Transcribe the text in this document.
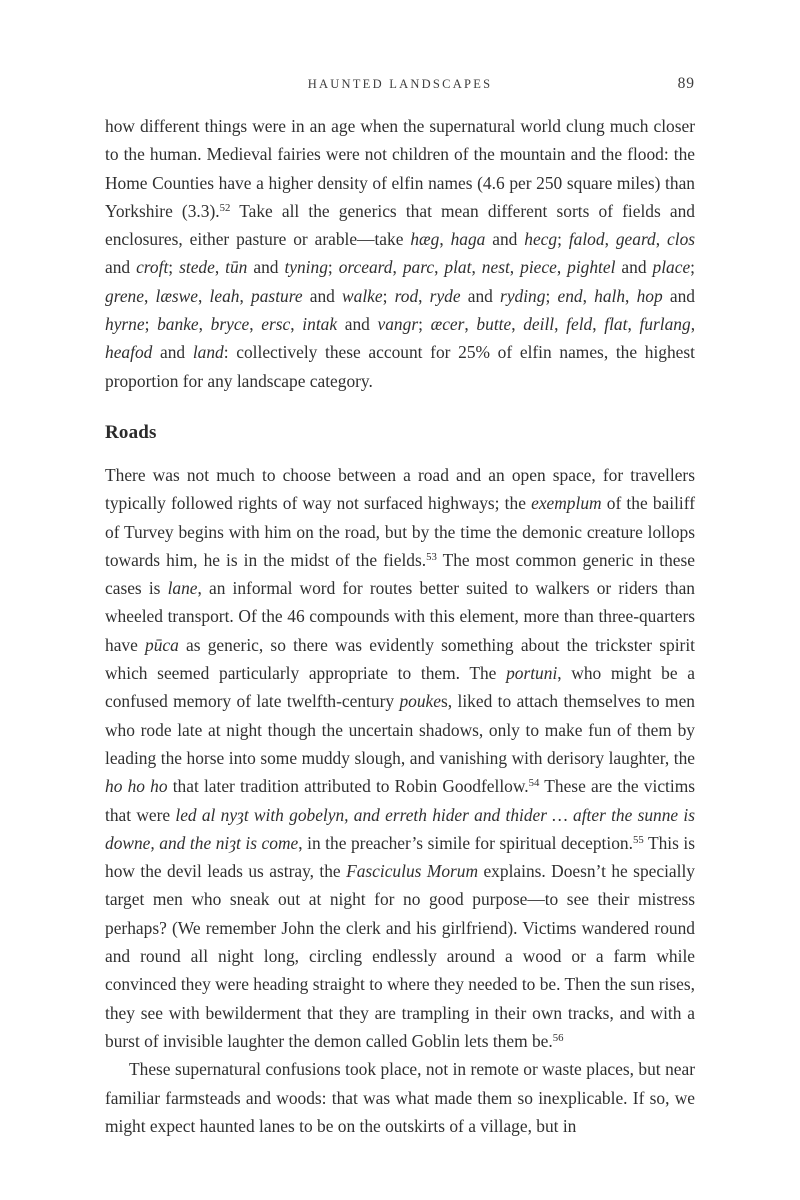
HAUNTED LANDSCAPES	89

how different things were in an age when the supernatural world clung much closer to the human. Medieval fairies were not children of the mountain and the flood: the Home Counties have a higher density of elfin names (4.6 per 250 square miles) than Yorkshire (3.3).$^{52}$ Take all the generics that mean different sorts of fields and enclosures, either pasture or arable—take hæg, haga and hecg; falod, geard, clos and croft; stede, tūn and tyning; orceard, parc, plat, nest, piece, pightel and place; grene, læswe, leah, pasture and walke; rod, ryde and ryding; end, halh, hop and hyrne; banke, bryce, ersc, intak and vangr; æcer, butte, deill, feld, flat, furlang, heafod and land: collectively these account for 25% of elfin names, the highest proportion for any landscape category.

Roads

There was not much to choose between a road and an open space, for travellers typically followed rights of way not surfaced highways; the exemplum of the bailiff of Turvey begins with him on the road, but by the time the demonic creature lollops towards him, he is in the midst of the fields.$^{53}$ The most common generic in these cases is lane, an informal word for routes better suited to walkers or riders than wheeled transport. Of the 46 compounds with this element, more than three-quarters have pūca as generic, so there was evidently something about the trickster spirit which seemed particularly appropriate to them. The portuni, who might be a confused memory of late twelfth-century poukes, liked to attach themselves to men who rode late at night though the uncertain shadows, only to make fun of them by leading the horse into some muddy slough, and vanishing with derisory laughter, the ho ho ho that later tradition attributed to Robin Goodfellow.$^{54}$ These are the victims that were led al nyȝt with gobelyn, and erreth hider and thider … after the sunne is downe, and the niȝt is come, in the preacher’s simile for spiritual deception.$^{55}$ This is how the devil leads us astray, the Fasciculus Morum explains. Doesn’t he specially target men who sneak out at night for no good purpose—to see their mistress perhaps? (We remember John the clerk and his girlfriend). Victims wandered round and round all night long, circling endlessly around a wood or a farm while convinced they were heading straight to where they needed to be. Then the sun rises, they see with bewilderment that they are trampling in their own tracks, and with a burst of invisible laughter the demon called Goblin lets them be.$^{56}$

These supernatural confusions took place, not in remote or waste places, but near familiar farmsteads and woods: that was what made them so inexplicable. If so, we might expect haunted lanes to be on the outskirts of a village, but in
